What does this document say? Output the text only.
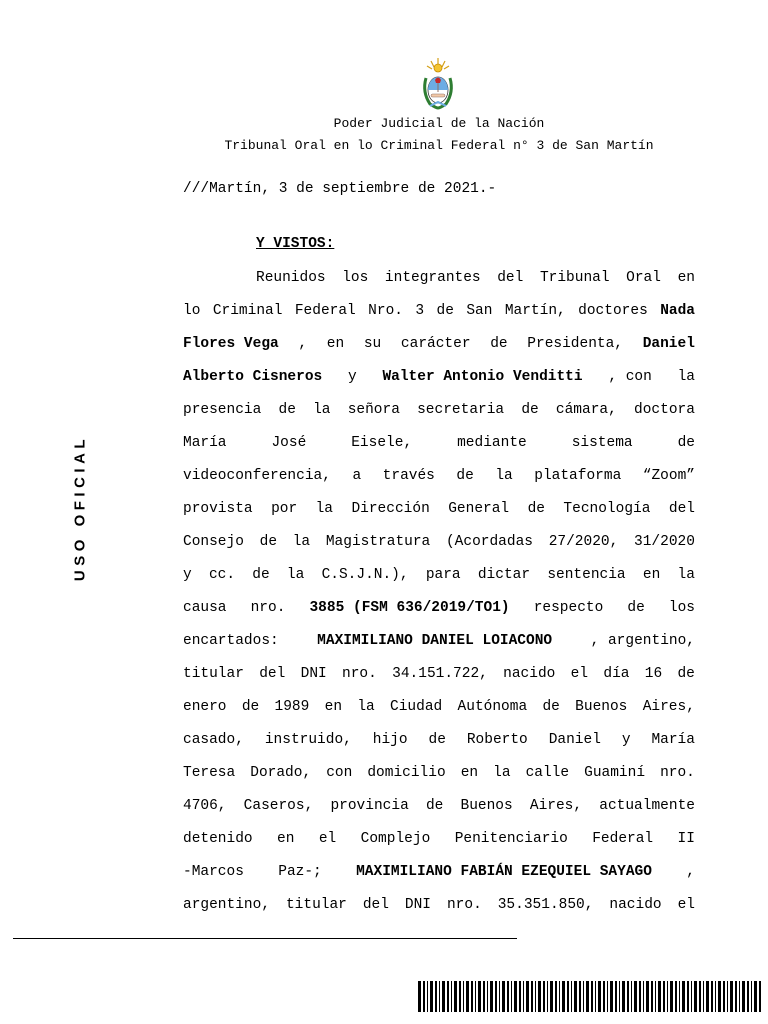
Poder Judicial de la Nación
Tribunal Oral en lo Criminal Federal n° 3 de San Martín
USO OFICIAL
///Martín, 3 de septiembre de 2021.-
Y VISTOS:
Reunidos los integrantes del Tribunal Oral en
lo Criminal Federal Nro. 3 de San Martín, doctores Nada
Flores Vega , en su carácter de Presidenta, Daniel
Alberto Cisneros y Walter Antonio Venditti , con la
presencia de la señora secretaria de cámara, doctora
María	José	Eisele,	mediante	sistema	de
videoconferencia, a través de la plataforma “Zoom”
provista por la Dirección General de Tecnología del
Consejo de la Magistratura (Acordadas 27/2020, 31/2020
y cc. de la C.S.J.N.), para dictar sentencia en la
causa nro. 3885 (FSM 636/2019/TO1) respecto de los
encartados:	MAXIMILIANO DANIEL LOIACONO	, argentino,
titular del DNI nro. 34.151.722, nacido el día 16 de
enero de 1989 en la Ciudad Autónoma de Buenos Aires,
casado, instruido, hijo de Roberto Daniel y María
Teresa Dorado, con domicilio en la calle Guaminí nro.
4706, Caseros, provincia de Buenos Aires, actualmente
detenido en el Complejo Penitenciario Federal II
-Marcos Paz-; MAXIMILIANO FABIÁN EZEQUIEL SAYAGO ,
argentino, titular del DNI nro. 35.351.850, nacido el
